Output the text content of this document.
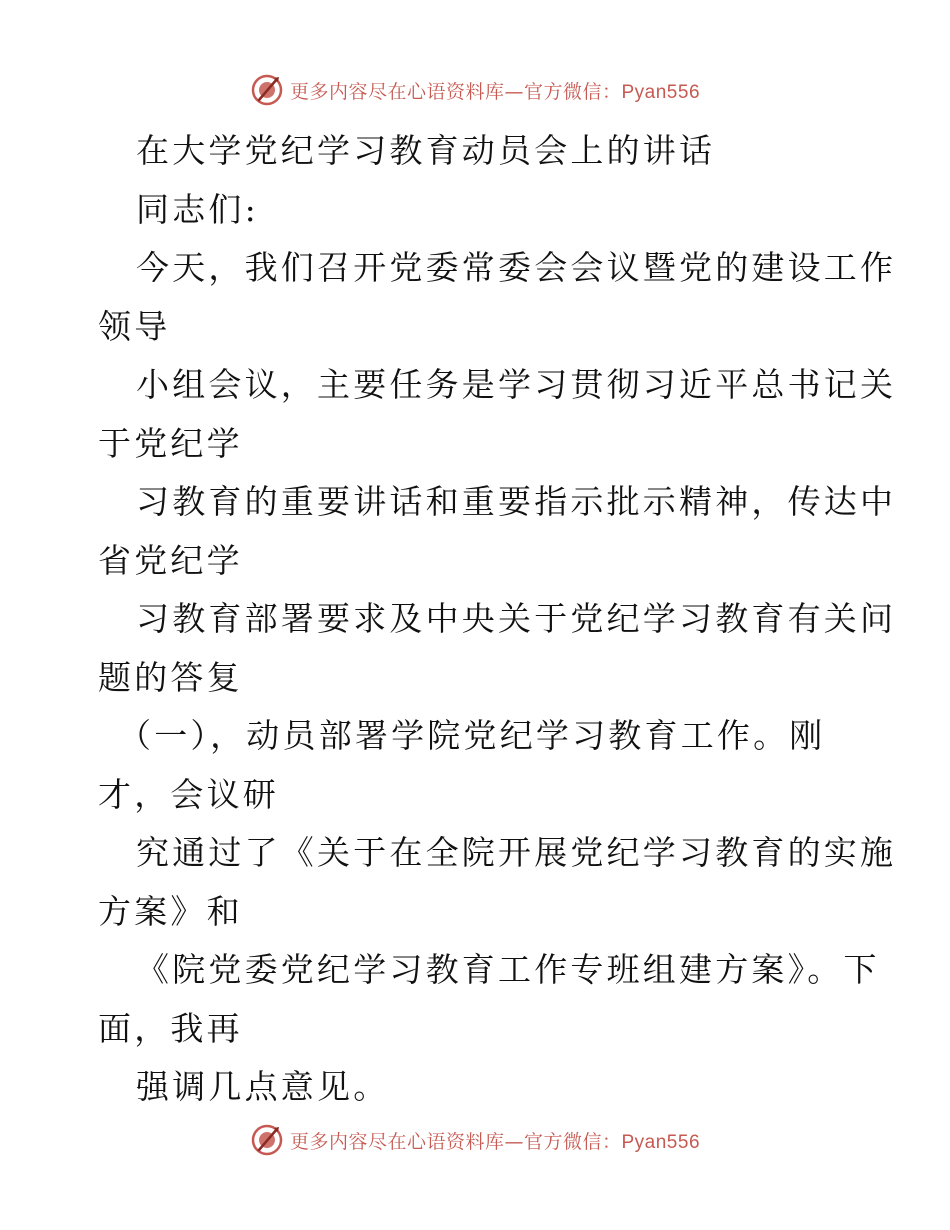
更多内容尽在心语资料库—官方微信：Pyan556
在大学党纪学习教育动员会上的讲话
同志们:
今天，我们召开党委常委会会议暨党的建设工作
领导
小组会议，主要任务是学习贯彻习近平总书记关
于党纪学
习教育的重要讲话和重要指示批示精神，传达中
省党纪学
习教育部署要求及中央关于党纪学习教育有关问
题的答复
（一），动员部署学院党纪学习教育工作。刚
才，会议研
究通过了《关于在全院开展党纪学习教育的实施
方案》和
《院党委党纪学习教育工作专班组建方案》。下
面，我再
强调几点意见。
更多内容尽在心语资料库—官方微信：Pyan556
